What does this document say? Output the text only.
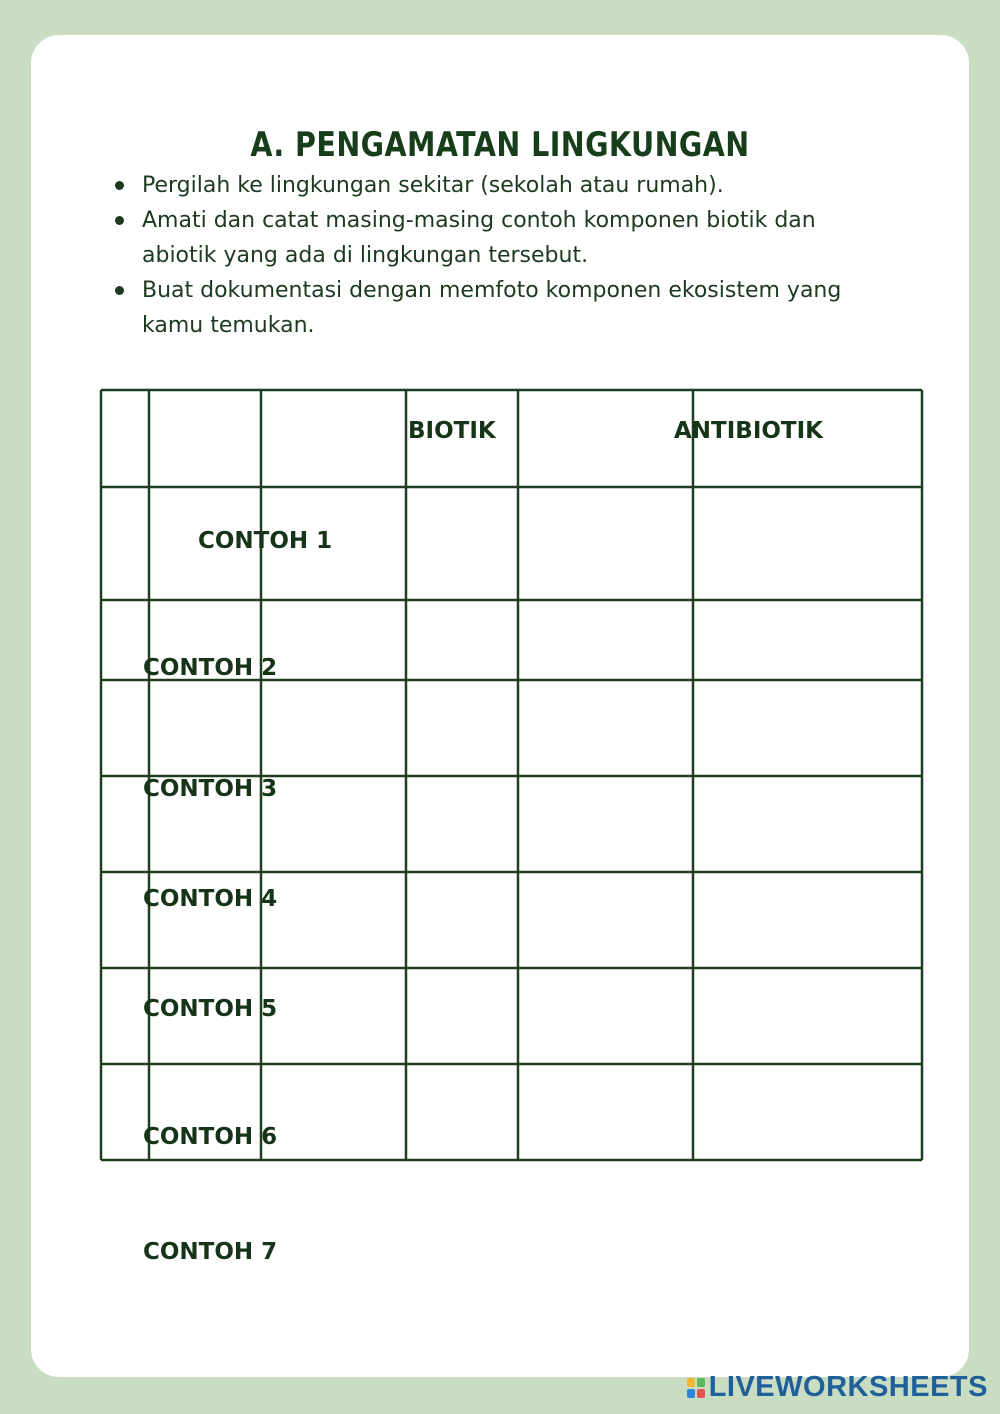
A. PENGAMATAN LINGKUNGAN
Pergilah ke lingkungan sekitar (sekolah atau rumah).
Amati dan catat masing-masing contoh komponen biotik dan abiotik yang ada di lingkungan tersebut.
Buat dokumentasi dengan memfoto komponen ekosistem yang kamu temukan.
BIOTIK	ANTIBIOTIK
CONTOH 1
CONTOH 2
CONTOH 3
CONTOH 4
CONTOH 5
CONTOH 6
CONTOH 7
LIVEWORKSHEETS
